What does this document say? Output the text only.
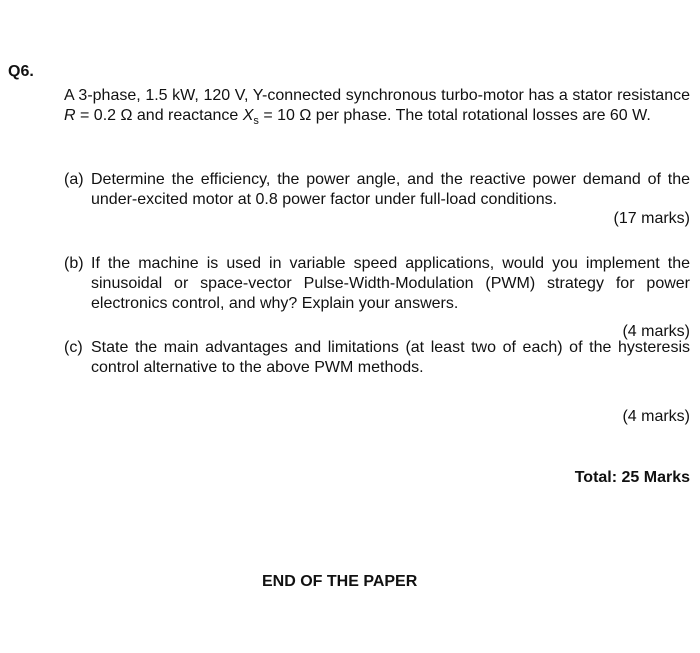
Q6.
A 3-phase, 1.5 kW, 120 V, Y-connected synchronous turbo-motor has a stator resistance R = 0.2 Ω and reactance $X_s = 10$ Ω per phase. The total rotational losses are 60 W.
(a) Determine the efficiency, the power angle, and the reactive power demand of the under-excited motor at 0.8 power factor under full-load conditions.
(17 marks)
(b) If the machine is used in variable speed applications, would you implement the sinusoidal or space-vector Pulse-Width-Modulation (PWM) strategy for power electronics control, and why? Explain your answers.
(4 marks)
(c) State the main advantages and limitations (at least two of each) of the hysteresis control alternative to the above PWM methods.
(4 marks)
Total: 25 Marks
END OF THE PAPER
